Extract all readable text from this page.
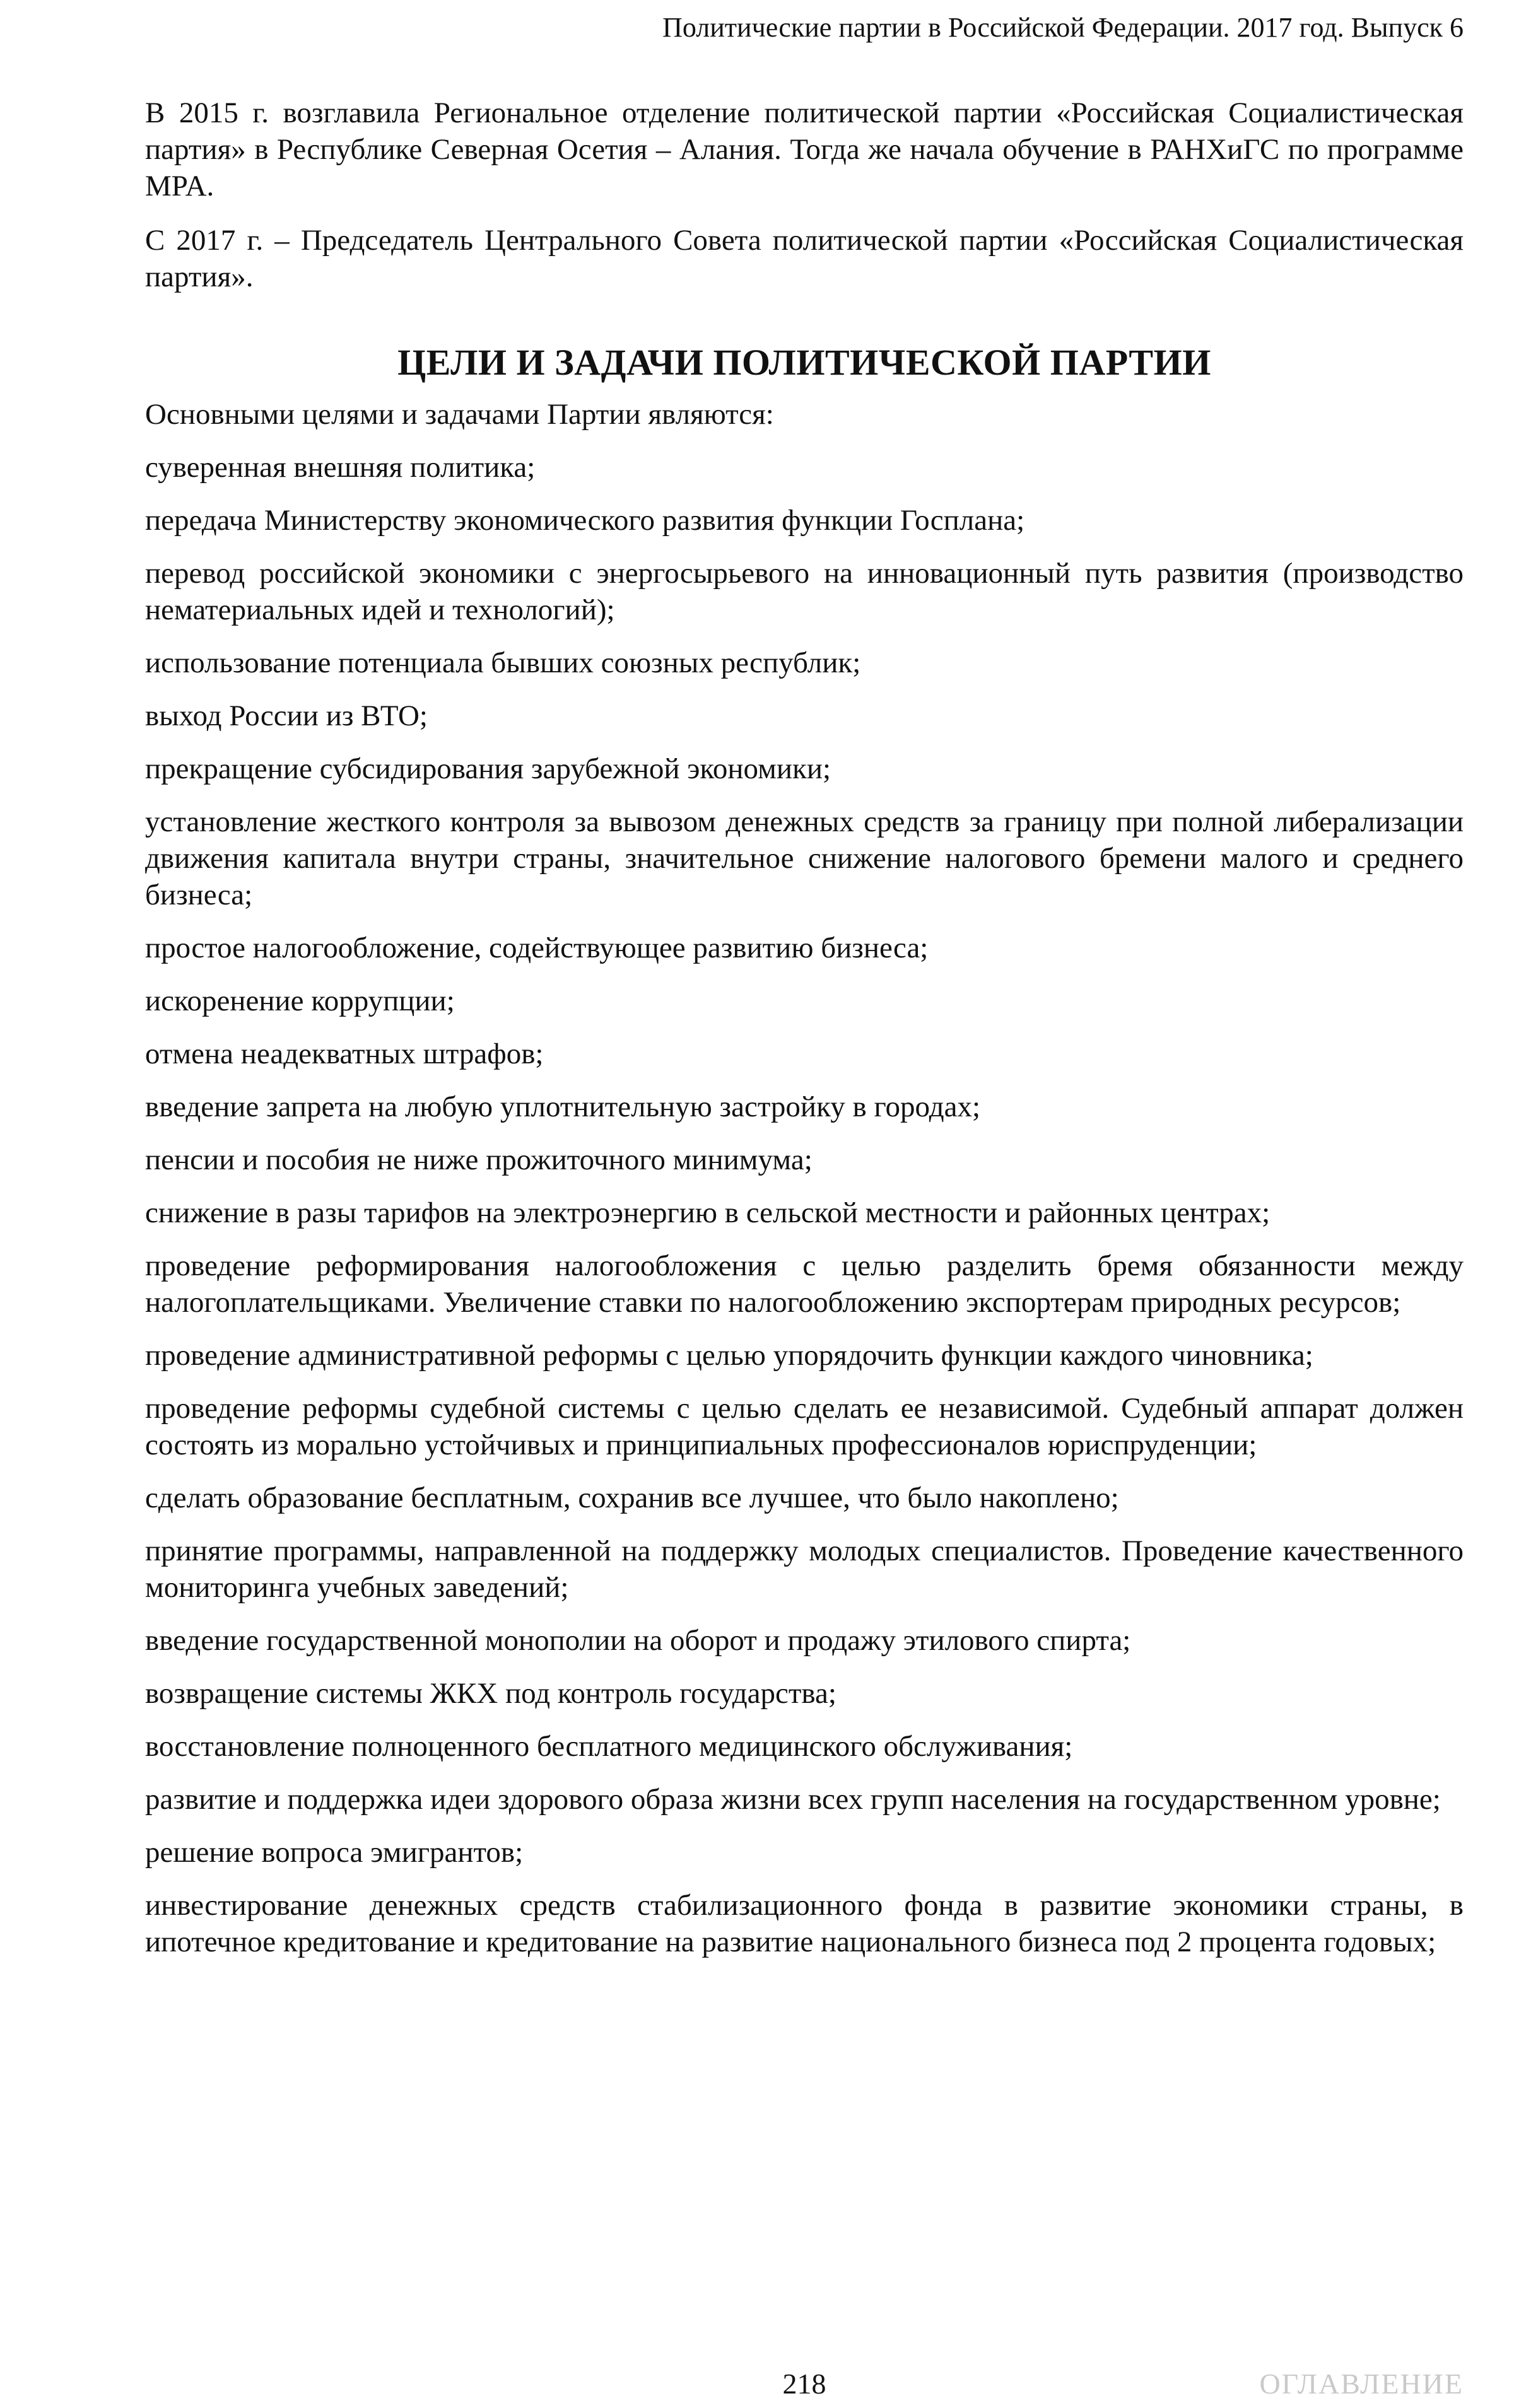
Политические партии в Российской Федерации. 2017 год. Выпуск 6

В 2015 г. возглавила Региональное отделение политической партии «Российская Социалистическая партия» в Республике Северная Осетия – Алания. Тогда же начала обучение в РАНХиГС по программе MPA.

С 2017 г. – Председатель Центрального Совета политической партии «Российская Социалистическая партия».

ЦЕЛИ И ЗАДАЧИ ПОЛИТИЧЕСКОЙ ПАРТИИ

Основными целями и задачами Партии являются:

суверенная внешняя политика;
передача Министерству экономического развития функции Госплана;
перевод российской экономики с энергосырьевого на инновационный путь развития (производство нематериальных идей и технологий);
использование потенциала бывших союзных республик;
выход России из ВТО;
прекращение субсидирования зарубежной экономики;
установление жесткого контроля за вывозом денежных средств за границу при полной либерализации движения капитала внутри страны, значительное снижение налогового бремени малого и среднего бизнеса;
простое налогообложение, содействующее развитию бизнеса;
искоренение коррупции;
отмена неадекватных штрафов;
введение запрета на любую уплотнительную застройку в городах;
пенсии и пособия не ниже прожиточного минимума;
снижение в разы тарифов на электроэнергию в сельской местности и районных центрах;
проведение реформирования налогообложения с целью разделить бремя обязанности между налогоплательщиками. Увеличение ставки по налогообложению экспортерам природных ресурсов;
проведение административной реформы с целью упорядочить функции каждого чиновника;
проведение реформы судебной системы с целью сделать ее независимой. Судебный аппарат должен состоять из морально устойчивых и принципиальных профессионалов юриспруденции;
сделать образование бесплатным, сохранив все лучшее, что было накоплено;
принятие программы, направленной на поддержку молодых специалистов. Проведение качественного мониторинга учебных заведений;
введение государственной монополии на оборот и продажу этилового спирта;
возвращение системы ЖКХ под контроль государства;
восстановление полноценного бесплатного медицинского обслуживания;
развитие и поддержка идеи здорового образа жизни всех групп населения на государственном уровне;
решение вопроса эмигрантов;
инвестирование денежных средств стабилизационного фонда в развитие экономики страны, в ипотечное кредитование и кредитование на развитие национального бизнеса под 2 процента годовых;
218	ОГЛАВЛЕНИЕ
